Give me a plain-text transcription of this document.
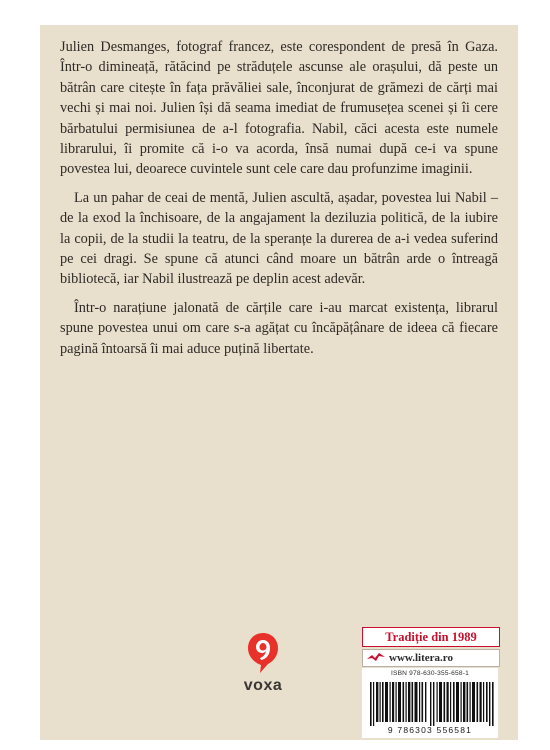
Julien Desmanges, fotograf francez, este corespondent de presă în Gaza. Într-o dimineață, rătăcind pe străduțele ascunse ale orașului, dă peste un bătrân care citește în fața prăvăliei sale, înconjurat de grămezi de cărți mai vechi și mai noi. Julien își dă seama imediat de frumusețea scenei și îi cere bărbatului permisiunea de a-l fotografia. Nabil, căci acesta este numele librarului, îi promite că i-o va acorda, însă numai după ce-i va spune povestea lui, deoarece cuvintele sunt cele care dau profunzime imaginii.

La un pahar de ceai de mentă, Julien ascultă, așadar, povestea lui Nabil – de la exod la închisoare, de la angajament la deziluzia politică, de la iubire la copii, de la studii la teatru, de la speranțe la durerea de a-i vedea suferind pe cei dragi. Se spune că atunci când moare un bătrân arde o întreagă bibliotecă, iar Nabil ilustrează pe deplin acest adevăr.

Într-o narațiune jalonată de cărțile care i-au marcat existența, librarul spune povestea unui om care s-a agățat cu încăpățânare de ideea că fiecare pagină întoarsă îi mai aduce puțină libertate.

Tradiție din 1989
www.litera.ro
ISBN 978-630-355-658-1
9 786303 556581
voxa
